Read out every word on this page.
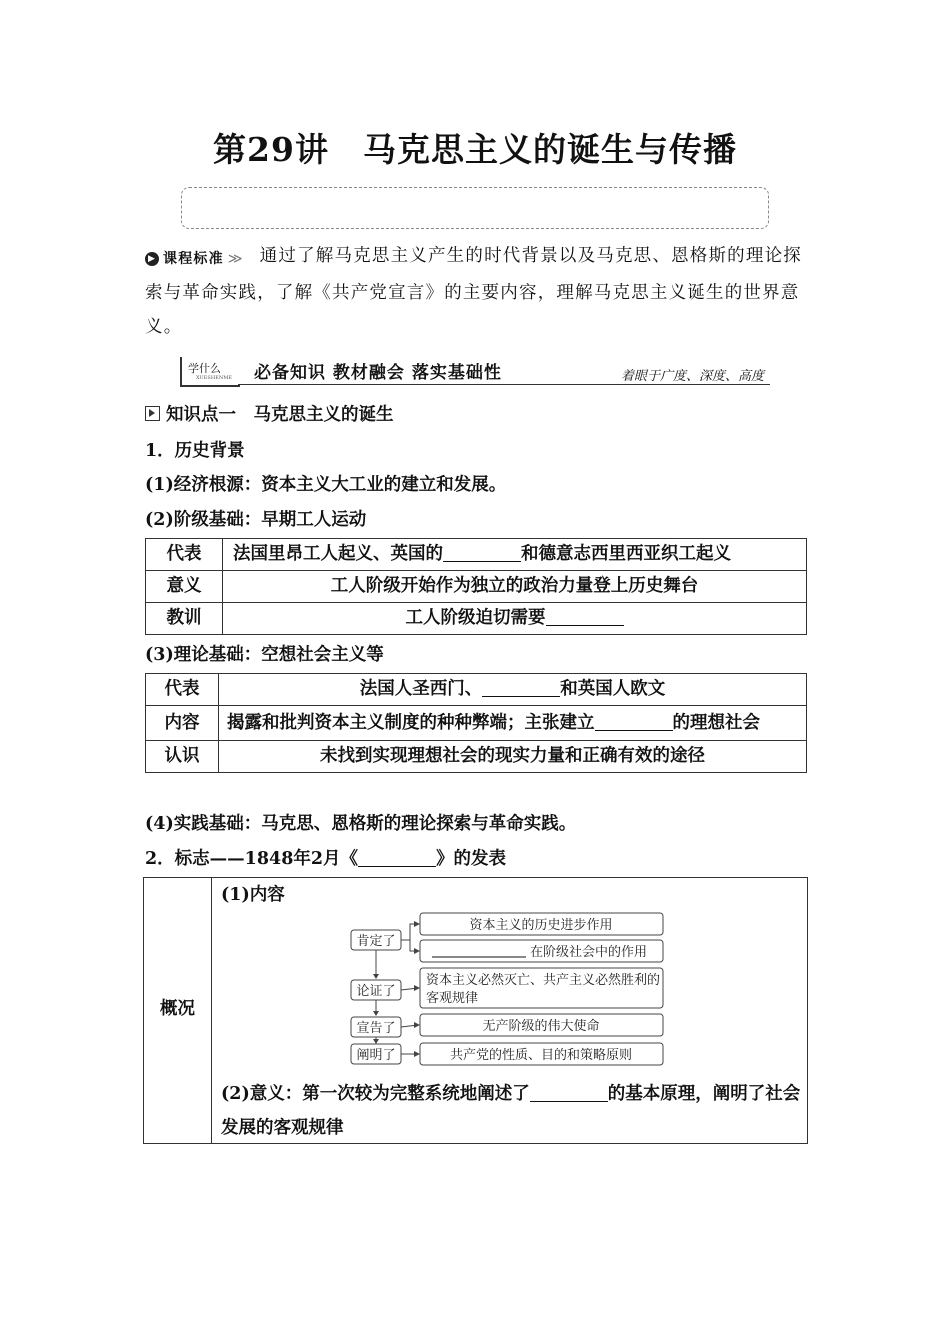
第29讲　马克思主义的诞生与传播
▶ 课程标准 ≫ 通过了解马克思主义产生的时代背景以及马克思、恩格斯的理论探索与革命实践，了解《共产党宣言》的主要内容，理解马克思主义诞生的世界意义。
学什么
XUESHENME 必备知识 教材融会 落实基础性	着眼于广度、深度、高度
知识点一　马克思主义的诞生
1．历史背景
(1)经济根源：资本主义大工业的建立和发展。
(2)阶级基础：早期工人运动
代表	法国里昂工人起义、英国的 和德意志西里西亚织工起义
意义	工人阶级开始作为独立的政治力量登上历史舞台
教训	工人阶级迫切需要
(3)理论基础：空想社会主义等
代表	法国人圣西门、 和英国人欧文
内容	揭露和批判资本主义制度的种种弊端；主张建立 的理想社会
认识	未找到实现理想社会的现实力量和正确有效的途径
(4)实践基础：马克思、恩格斯的理论探索与革命实践。
2．标志——1848年2月《	》的发表
概况
(1)内容
肯定了
论证了
宣告了
阐明了
资本主义的历史进步作用
在阶级社会中的作用
资本主义必然灭亡、共产主义必然胜利的
客观规律
无产阶级的伟大使命
共产党的性质、目的和策略原则
(2)意义：第一次较为完整系统地阐述了	的基本原理，阐明了社会发展的客观规律
